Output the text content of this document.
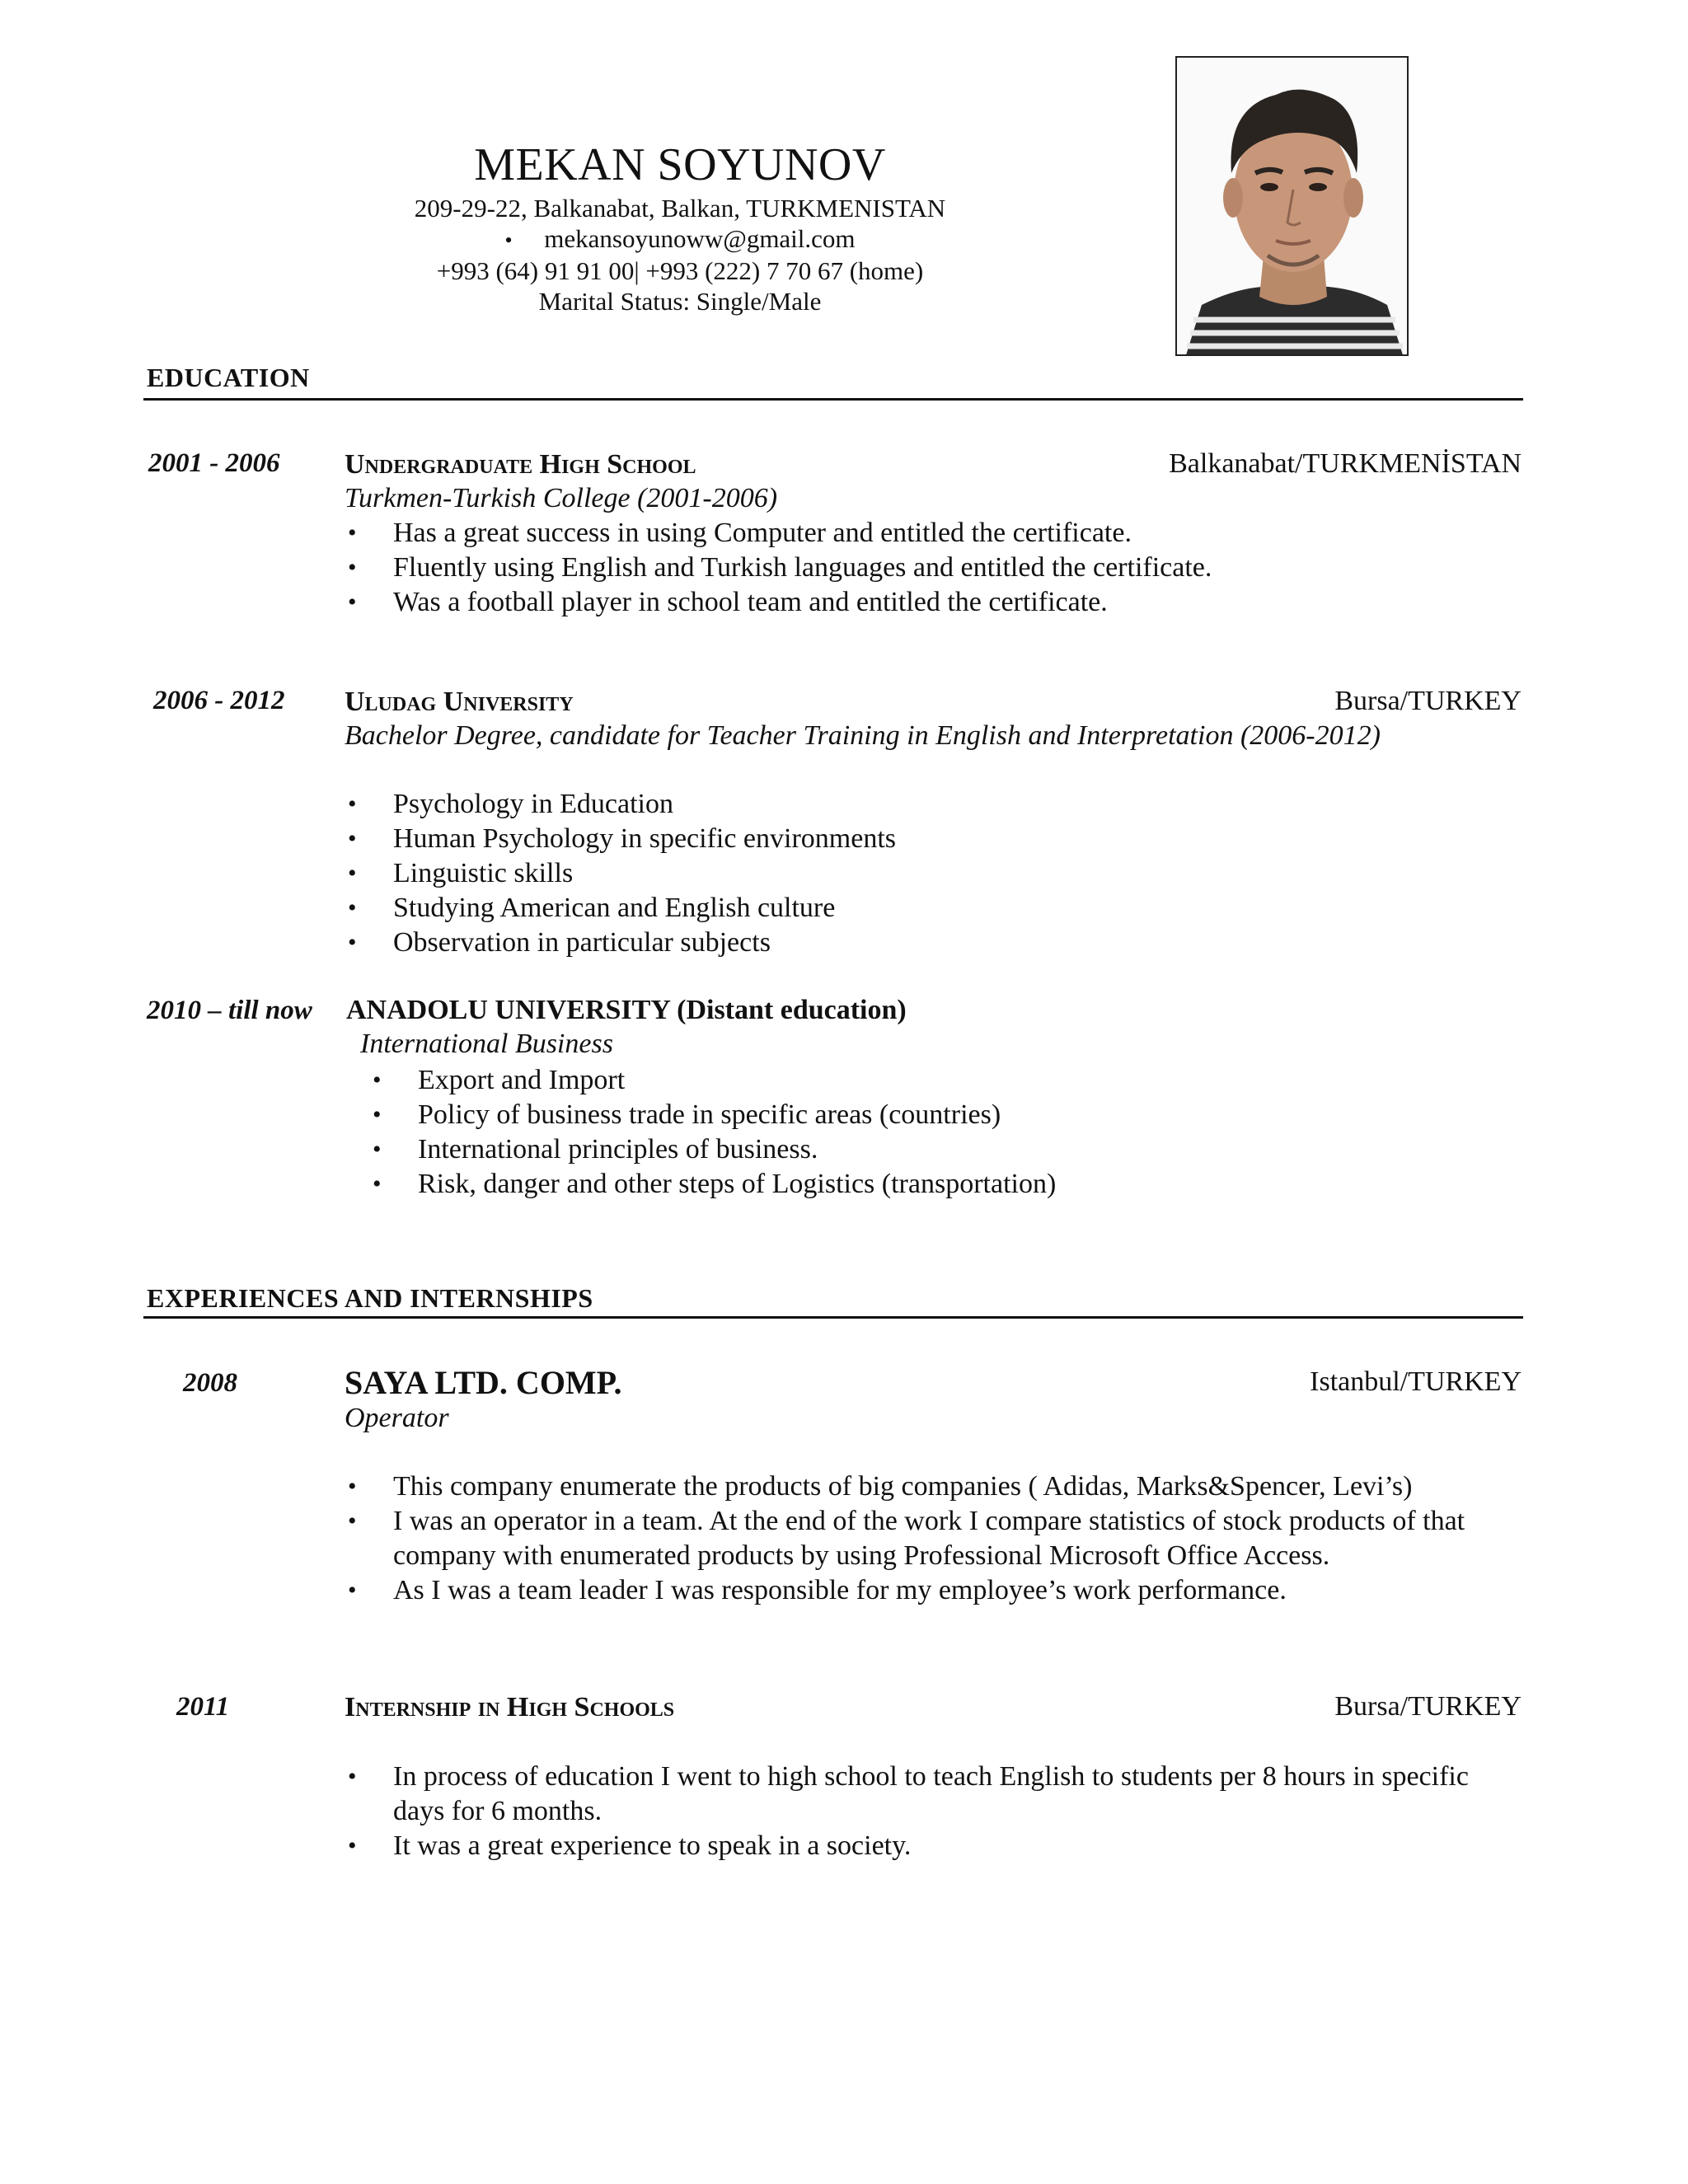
MEKAN SOYUNOV
209-29-22, Balkanabat, Balkan, TURKMENISTAN
• mekansoyunoww@gmail.com
+993 (64) 91 91 00| +993 (222) 7 70 67 (home)
Marital Status: Single/Male
EDUCATION
2001 - 2006 Undergraduate High School	Balkanabat/TURKMENİSTAN
Turkmen-Turkish College (2001-2006)
• Has a great success in using Computer and entitled the certificate.
• Fluently using English and Turkish languages and entitled the certificate.
• Was a football player in school team and entitled the certificate.
2006 - 2012 Uludag University	Bursa/TURKEY
Bachelor Degree, candidate for Teacher Training in English and Interpretation (2006-2012)
• Psychology in Education
• Human Psychology in specific environments
• Linguistic skills
• Studying American and English culture
• Observation in particular subjects
2010 – till now ANADOLU UNIVERSITY (Distant education)
International Business
• Export and Import
• Policy of business trade in specific areas (countries)
• International principles of business.
• Risk, danger and other steps of Logistics (transportation)
EXPERIENCES AND INTERNSHIPS
2008	SAYA LTD. COMP.	Istanbul/TURKEY
Operator
• This company enumerate the products of big companies ( Adidas, Marks&Spencer, Levi’s)
• I was an operator in a team. At the end of the work I compare statistics of stock products of that company with enumerated products by using Professional Microsoft Office Access.
• As I was a team leader I was responsible for my employee’s work performance.
2011	Internship in High Schools	Bursa/TURKEY
• In process of education I went to high school to teach English to students per 8 hours in specific days for 6 months.
• It was a great experience to speak in a society.
